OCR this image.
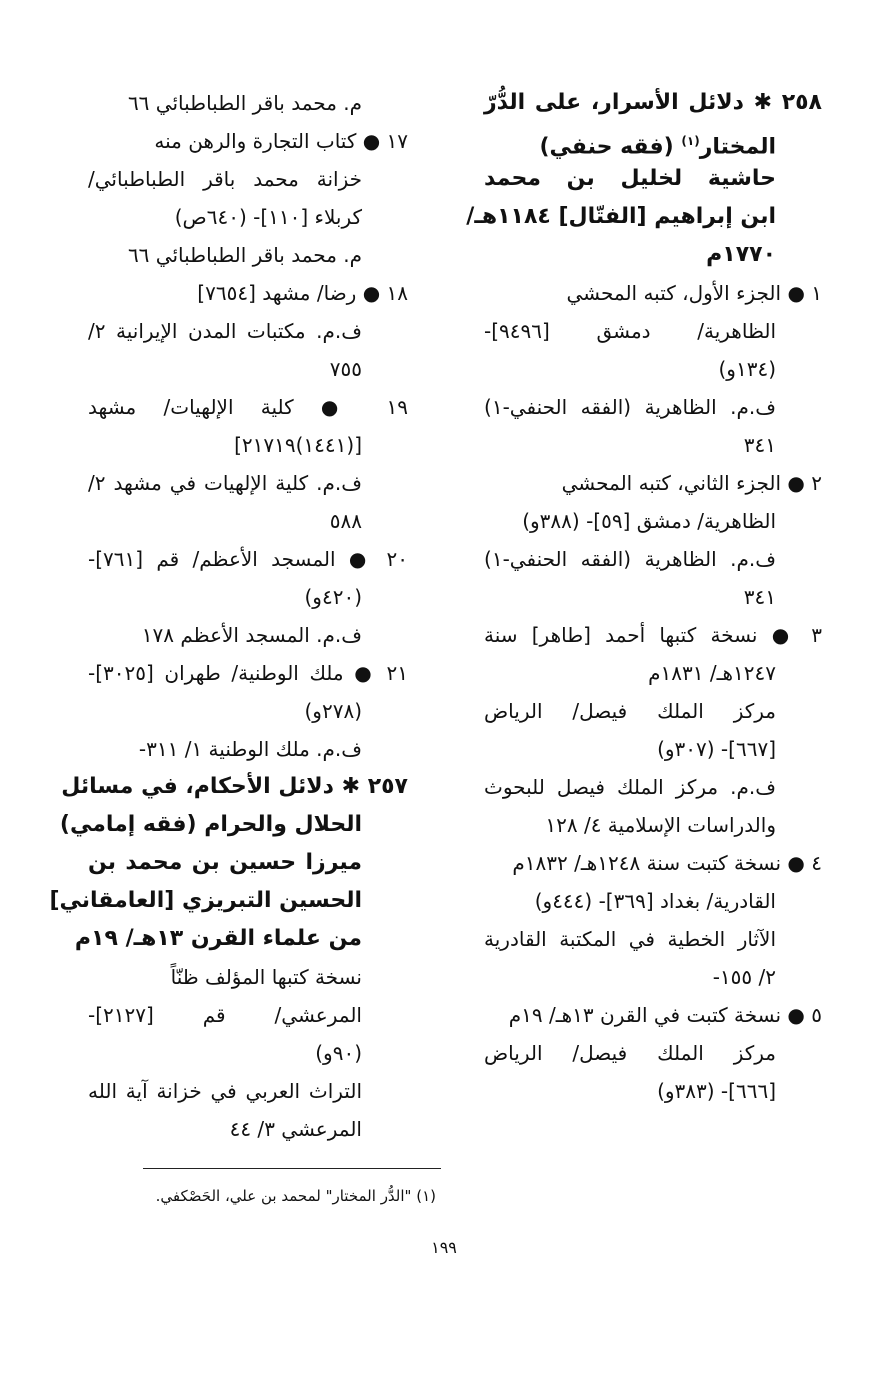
٢٥٨ ✱ دلائل الأسرار، على الدُّرّ
المختار$^{(١)}$ (فقه حنفي)
حاشية لخليل بن محمد
ابن إبراهيم [الفتّال] ١١٨٤هـ/
١٧٧٠م
١ ● الجزء الأول، كتبه المحشي
الظاهرية/ دمشق [٩٤٩٦]-
(١٣٤و)
ف.م. الظاهرية (الفقه الحنفي-١)
٣٤١
٢ ● الجزء الثاني، كتبه المحشي
الظاهرية/ دمشق [٥٩]- (٣٨٨و)
ف.م. الظاهرية (الفقه الحنفي-١)
٣٤١
٣ ● نسخة كتبها أحمد [طاهر] سنة
١٢٤٧هـ/ ١٨٣١م
مركز الملك فيصل/ الرياض
[٦٦٧]- (٣٠٧و)
ف.م. مركز الملك فيصل للبحوث
والدراسات الإسلامية ٤/ ١٢٨
٤ ● نسخة كتبت سنة ١٢٤٨هـ/ ١٨٣٢م
القادرية/ بغداد [٣٦٩]- (٤٤٤و)
الآثار الخطية في المكتبة القادرية
٢/ ١٥٥-
٥ ● نسخة كتبت في القرن ١٣هـ/ ١٩م
مركز الملك فيصل/ الرياض
[٦٦٦]- (٣٨٣و)
م. محمد باقر الطباطبائي ٦٦
١٧ ● كتاب التجارة والرهن منه
خزانة محمد باقر الطباطبائي/
كربلاء [١١٠]- (٦٤٠ص)
م. محمد باقر الطباطبائي ٦٦
١٨ ● رضا/ مشهد [٧٦٥٤]
ف.م. مكتبات المدن الإيرانية ٢/
٧٥٥
١٩ ● كلية الإلهيات/ مشهد
[(١٤٤١)٢١٧١٩]
ف.م. كلية الإلهيات في مشهد ٢/
٥٨٨
٢٠ ● المسجد الأعظم/ قم [٧٦١]-
(٤٢٠و)
ف.م. المسجد الأعظم ١٧٨
٢١ ● ملك الوطنية/ طهران [٣٠٢٥]-
(٢٧٨و)
ف.م. ملك الوطنية ١/ ٣١١-
٢٥٧ ✱ دلائل الأحكام، في مسائل
الحلال والحرام (فقه إمامي)
ميرزا حسين بن محمد بن
الحسين التبريزي [العامقاني]
من علماء القرن ١٣هـ/ ١٩م
نسخة كتبها المؤلف ظنّاً
المرعشي/ قم [٢١٢٧]-
(٩٠و)
التراث العربي في خزانة آية الله
المرعشي ٣/ ٤٤
(١) "الدُّر المختار" لمحمد بن علي، الحَصْكفي.
١٩٩
